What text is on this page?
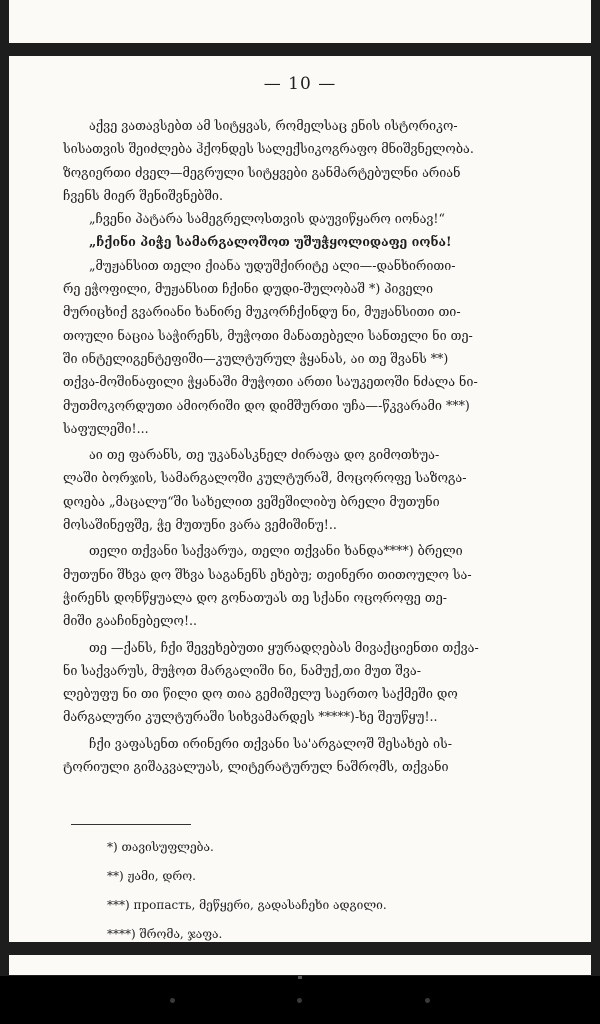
— 10 —
აქვე ვათავსებთ ამ სიტყვას, რომელსაც ენის ისტორიკო-
სისათვის შეიძლება ჰქონდეს სალექსიკოგრაფო მნიშვნელობა.
ზოგიერთი ძველ—მეგრული სიტყვები განმარტებულნი არიან
ჩვენს მიერ შენიშვნებში.
„ჩვენი პატარა სამეგრელოსთვის დაუვიწყარო იონავ!“
„ჩქინი პიჭე სამარგალოშოთ უშუჭყოლიდაფე იონა!
„მუჟანსით თელი ქიანა უდუშქირიტე ალი—-დანხირითი-
რე ეჭოფილი, მუჟანსით ჩქინი დუდი-შულობაშ *) პიველი
მურიცხიქ გვარიანი ხანირე მუკორჩქინდუ ნი, მუჟანსითი თი-
თოული ნაცია საჭირენს, მუჭოთი მანათებელი სანთელი ნი თე-
ში ინტელიგენტეფიში—კულტურულ ჭყანას, აი თე შვანს **)
თქვა-მოშინაფილი ჭყანაში მუჭოთი ართი საუკეთოში ნძალა ნი-
მუთმოკორდუთი ამიორიში დო დიმშურთი უჩა—-წკვარამი ***)
საფულეში!...
აი თე ფარანს, თე უკანასკნელ ძირაფა დო გიმოთხუა-
ლაში ბორჯის, სამარგალოში კულტურაშ, მოცოროფე საზოგა-
დოება „მაცალუ“ში სახელით ვეშეშილიბუ ბრელი მუთუნი
მოსაშინეფშე, ჭე მუთუნი ვარა ვემიშინუ!..
თელი თქვანი საქვარუა, თელი თქვანი ხანდა****) ბრელი
მუთუნი შხვა დო შხვა საგანენს ეხებუ; თეინერი თითოულო სა-
ჭირენს დონწყუალა დო გონათუას თე სქანი ოცოროფე თე-
მიში გააჩინებელო!..
თე —ქანს, ჩქი შევეხებუთი ყურადღებას მივაქციენთი თქვა-
ნი საქვარუს, მუჭოთ მარგალიში ნი, ნამუქ,თი მუთ შვა-
ლებუფუ ნი თი წილი დო თია გემიშელუ საერთო საქმეში დო
მარგალური კულტურაში სიხვამარდეს *****)-ხე შეუწყუ!..
ჩქი ვაფასენთ ირინერი თქვანი სა'არგალოშ შესახებ ის-
ტორიული გიშაკვალუას, ლიტერატურულ ნაშრომს, თქვანი

*) თავისუფლება.

**) ჟამი, დრო.

***) пропасть, მეწყერი, გადასაჩეხი ადგილი.

****) შრომა, ჯაფა.
